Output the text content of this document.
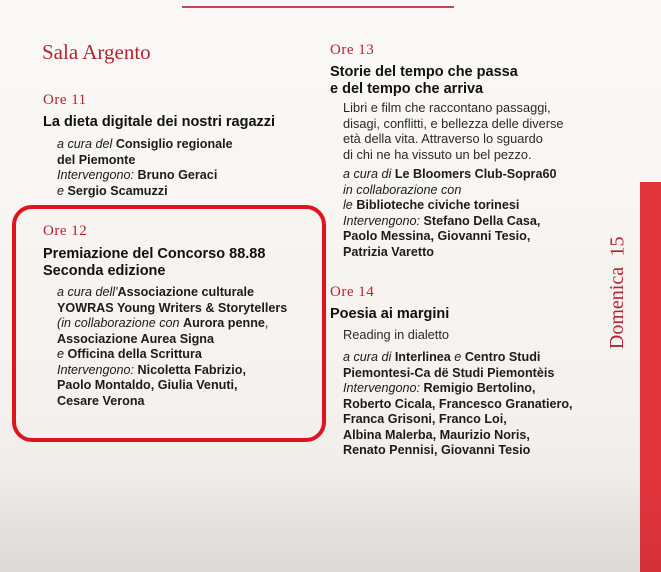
Sala Argento
Ore 11
La dieta digitale dei nostri ragazzi
a cura del Consiglio regionale
del Piemonte
Intervengono: Bruno Geraci
e Sergio Scamuzzi
Ore 12
Premiazione del Concorso 88.88
Seconda edizione
a cura dell'Associazione culturale
YOWRAS Young Writers & Storytellers
(in collaborazione con Aurora penne,
Associazione Aurea Signa
e Officina della Scrittura
Intervengono: Nicoletta Fabrizio,
Paolo Montaldo, Giulia Venuti,
Cesare Verona
Ore 13
Storie del tempo che passa
e del tempo che arriva
Libri e film che raccontano passaggi,
disagi, conflitti, e bellezza delle diverse
età della vita. Attraverso lo sguardo
di chi ne ha vissuto un bel pezzo.
a cura di Le Bloomers Club-Sopra60
in collaborazione con
le Biblioteche civiche torinesi
Intervengono: Stefano Della Casa,
Paolo Messina, Giovanni Tesio,
Patrizia Varetto
Ore 14
Poesia ai margini
Reading in dialetto
a cura di Interlinea e Centro Studi
Piemontesi-Ca dë Studi Piemontèis
Intervengono: Remigio Bertolino,
Roberto Cicala, Francesco Granatiero,
Franca Grisoni, Franco Loi,
Albina Malerba, Maurizio Noris,
Renato Pennisi, Giovanni Tesio
15
Domenica
